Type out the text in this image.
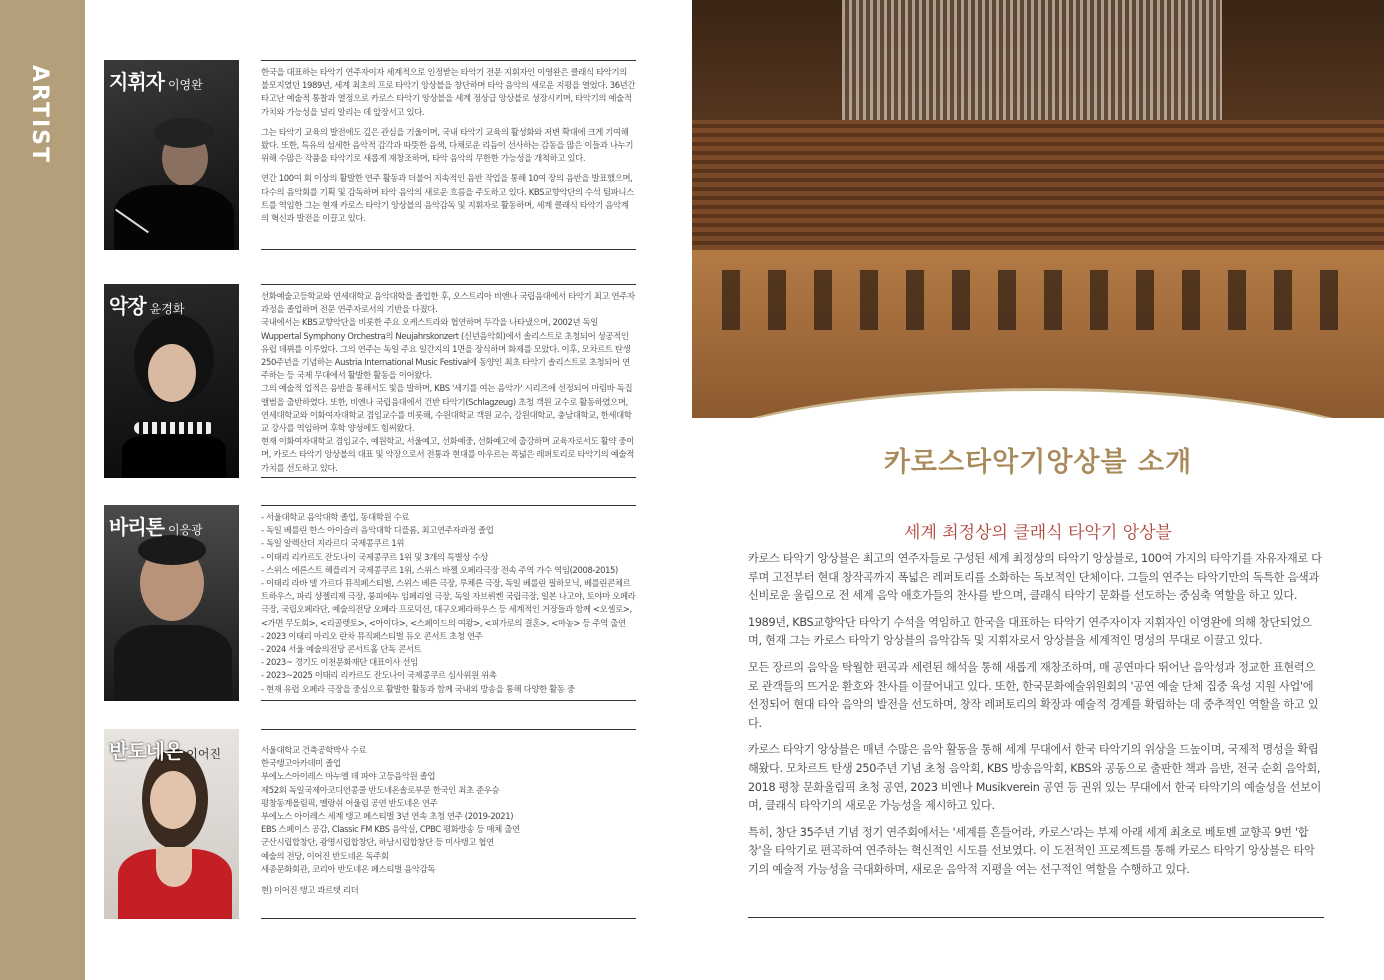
ARTIST	지휘자 이영완

한국을 대표하는 타악기 연주자이자 세계적으로 인정받는 타악기 전문 지휘자인 이영완은 클래식 타악기의 불모지였던 1989년, 세계 최초의 프로 타악기 앙상블을 창단하며 타악 음악의 새로운 지평을 열었다. 36년간 타고난 예술적 통찰과 열정으로 카로스 타악기 앙상블을 세계 정상급 앙상블로 성장시키며, 타악기의 예술적 가치와 가능성을 널리 알리는 데 앞장서고 있다.

그는 타악기 교육의 발전에도 깊은 관심을 기울이며, 국내 타악기 교육의 활성화와 저변 확대에 크게 기여해왔다. 또한, 특유의 섬세한 음악적 감각과 따뜻한 음색, 다채로운 리듬이 선사하는 감동을 많은 이들과 나누기 위해 수많은 작품을 타악기로 새롭게 재창조하며, 타악 음악의 무한한 가능성을 개척하고 있다.

연간 100여 회 이상의 활발한 연주 활동과 더불어 지속적인 음반 작업을 통해 10여 장의 음반을 발표했으며, 다수의 음악회를 기획 및 감독하며 타악 음악의 새로운 흐름을 주도하고 있다. KBS교향악단의 수석 팀파니스트를 역임한 그는 현재 카로스 타악기 앙상블의 음악감독 및 지휘자로 활동하며, 세계 클래식 타악기 음악계의 혁신과 발전을 이끌고 있다.

악장 윤경화
선화예술고등학교와 연세대학교 음악대학을 졸업한 후, 오스트리아 비엔나 국립음대에서 타악기 최고 연주자 과정을 졸업하며 전문 연주자로서의 기반을 다졌다.
국내에서는 KBS교향악단을 비롯한 주요 오케스트라와 협연하며 두각을 나타냈으며, 2002년 독일 Wuppertal Symphony Orchestra의 Neujahrskonzert (신년음악회)에서 솔리스트로 초청되어 성공적인 유럽 데뷔를 이루었다. 그의 연주는 독일 주요 일간지의 1면을 장식하며 화제를 모았다. 이후, 모차르트 탄생 250주년을 기념하는 Austria International Music Festival에 동양인 최초 타악기 솔리스트로 초청되어 연주하는 등 국제 무대에서 활발한 활동을 이어왔다.
그의 예술적 업적은 음반을 통해서도 빛을 발하며, KBS '세기를 여는 음악가' 시리즈에 선정되어 마림바 독집 앨범을 출반하였다. 또한, 비엔나 국립음대에서 건반 타악기(Schlagzeug) 초청 객원 교수로 활동하였으며, 연세대학교와 이화여자대학교 겸임교수를 비롯해, 수원대학교 객원 교수, 강원대학교, 충남대학교, 한세대학교 강사를 역임하며 후학 양성에도 힘써왔다.
현재 이화여자대학교 겸임교수, 예원학교, 서울예고, 선화예중, 선화예고에 출강하며 교육자로서도 활약 중이며, 카로스 타악기 앙상블의 대표 및 악장으로서 전통과 현대를 아우르는 폭넓은 레퍼토리로 타악기의 예술적 가치를 선도하고 있다.
바리톤 이응광
- 서울대학교 음악대학 졸업, 동대학원 수료
- 독일 베를린 한스 아이슬러 음악대학 디플롬, 최고연주자과정 졸업
- 독일 알렉산더 지라르디 국제콩쿠르 1위
- 이태리 리카르도 잔도나이 국제콩쿠르 1위 및 3개의 특별상 수상
- 스위스 에른스트 해플리거 국제콩쿠르 1위, 스위스 바젤 오페라극장 전속 주역 가수 역임(2008-2015)
- 이태리 라바 델 가르다 뮤직페스티벌, 스위스 베른 극장, 루체른 극장, 독일 베를린 필하모닉, 베를린콘체르트하우스, 파리 샹젤리제 극장, 룽피에누 임페리얼 극장, 독일 자브뤼켄 국립극장, 일본 나고야, 토야마 오페라극장, 국립오페라단, 예술의전당 오페라 프로덕션, 대구오페라하우스 등 세계적인 거장들과 함께 <오셀로>, <가면 무도회>, <리골렛토>, <아이다>, <스페이드의 여왕>, <피가로의 결혼>, <마농> 등 주역 출연
- 2023 이태리 마리오 란차 뮤직페스티벌 듀오 콘서트 초청 연주
- 2024 서울 예술의전당 콘서트홀 단독 콘서트
- 2023~ 경기도 이천문화재단 대표이사 선임
- 2023~2025 이태리 리카르도 잔도나이 국제콩쿠르 심사위원 위촉
- 현재 유럽 오페라 극장을 중심으로 활발한 활동과 함께 국내외 방송을 통해 다양한 활동 중
반도네온 이어진	서울대학교 건축공학박사 수료
한국탱고아카데미 졸업
부에노스아이레스 마누엘 데 파야 고등음악원 졸업
제52회 독일국제아코디언콩쿨 반도네온솔로부문 한국인 최초 준우승
평창동계올림픽, 멜랑쉬 어울림 공연 반도네온 연주
부에노스 아이레스 세계 탱고 페스티벌 3년 연속 초청 연주 (2019-2021)
EBS 스페이스 공감, Classic FM KBS 음악실, CPBC 평화방송 등 매체 출연
군산시립합창단, 광명시립합창단, 하남시립합창단 등 미사탱고 협연
예술의 전당, 이어진 반도네온 독주회
세종문화회관, 코리아 반도네온 페스티벌 음악감독
현) 이어진 탱고 콰르텟 리더
카로스타악기앙상블 소개
세계 최정상의 클래식 타악기 앙상블

카로스 타악기 앙상블은 최고의 연주자들로 구성된 세계 최정상의 타악기 앙상블로, 100여 가지의 타악기를 자유자재로 다루며 고전부터 현대 창작곡까지 폭넓은 레퍼토리를 소화하는 독보적인 단체이다. 그들의 연주는 타악기만의 독특한 음색과 신비로운 울림으로 전 세계 음악 애호가들의 찬사를 받으며, 클래식 타악기 문화를 선도하는 중심축 역할을 하고 있다.

1989년, KBS교향악단 타악기 수석을 역임하고 한국을 대표하는 타악기 연주자이자 지휘자인 이영완에 의해 창단되었으며, 현재 그는 카로스 타악기 앙상블의 음악감독 및 지휘자로서 앙상블을 세계적인 명성의 무대로 이끌고 있다.

모든 장르의 음악을 탁월한 편곡과 세련된 해석을 통해 새롭게 재창조하며, 매 공연마다 뛰어난 음악성과 정교한 표현력으로 관객들의 뜨거운 환호와 찬사를 이끌어내고 있다. 또한, 한국문화예술위원회의 '공연 예술 단체 집중 육성 지원 사업'에 선정되어 현대 타악 음악의 발전을 선도하며, 창작 레퍼토리의 확장과 예술적 경계를 확립하는 데 중추적인 역할을 하고 있다.

카로스 타악기 앙상블은 매년 수많은 음악 활동을 통해 세계 무대에서 한국 타악기의 위상을 드높이며, 국제적 명성을 확립해왔다. 모차르트 탄생 250주년 기념 초청 음악회, KBS 방송음악회, KBS와 공동으로 출판한 책과 음반, 전국 순회 음악회, 2018 평창 문화올림픽 초청 공연, 2023 비엔나 Musikverein 공연 등 권위 있는 무대에서 한국 타악기의 예술성을 선보이며, 클래식 타악기의 새로운 가능성을 제시하고 있다.

특히, 창단 35주년 기념 정기 연주회에서는 '세계를 흔들어라, 카로스'라는 부제 아래 세계 최초로 베토벤 교향곡 9번 '합창'을 타악기로 편곡하여 연주하는 혁신적인 시도를 선보였다. 이 도전적인 프로젝트를 통해 카로스 타악기 앙상블은 타악기의 예술적 가능성을 극대화하며, 새로운 음악적 지평을 여는 선구적인 역할을 수행하고 있다.
